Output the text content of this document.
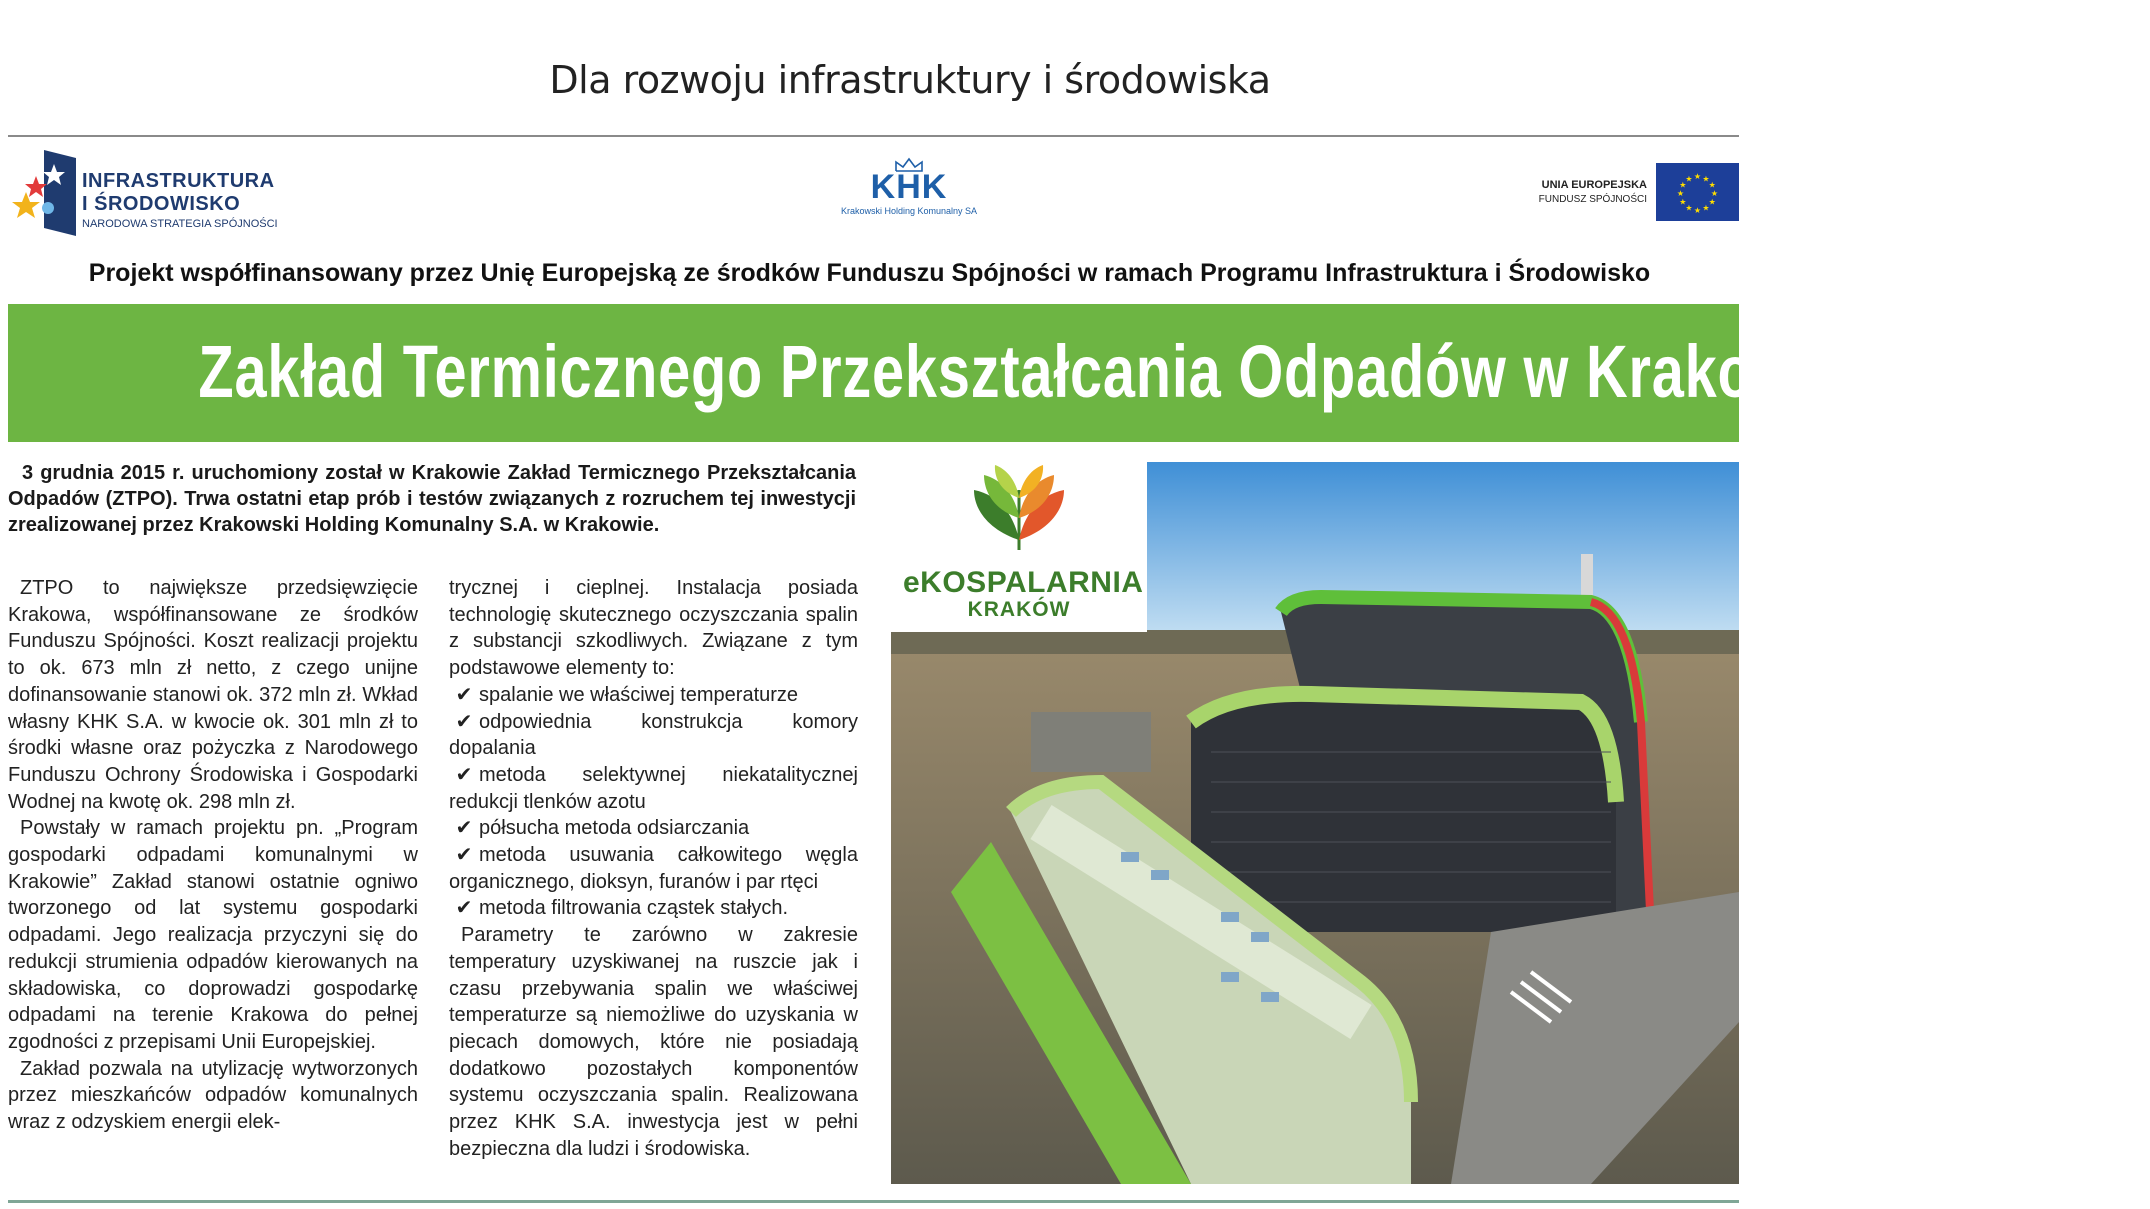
Dla rozwoju infrastruktury i środowiska
INFRASTRUKTURA
I ŚRODOWISKO
NARODOWA STRATEGIA SPÓJNOŚCI
KHK
Krakowski Holding Komunalny SA
UNIA EUROPEJSKA
FUNDUSZ SPÓJNOŚCI
★
★
★
★
★
★
★
★
★ ★ ★
★
Projekt współfinansowany przez Unię Europejską ze środków Funduszu Spójności w ramach Programu Infrastruktura i Środowisko
Zakład Termicznego Przekształcania Odpadów w Krakowie już działa!
3 grudnia 2015 r. uruchomiony został w Krakowie Zakład Termicznego Przekształcania Odpadów (ZTPO). Trwa ostatni etap prób i testów związanych z rozruchem tej inwestycji zrealizowanej przez Krakowski Holding Komunalny S.A. w Krakowie.

ZTPO to największe przedsięwzięcie Krakowa, współfinansowane ze środków Funduszu Spójności. Koszt realizacji projektu to ok. 673 mln zł netto, z czego unijne dofinansowanie stanowi ok. 372 mln zł. Wkład własny KHK S.A. w kwocie ok. 301 mln zł to środki własne oraz pożyczka z Narodowego Funduszu Ochrony Środowiska i Gospodarki Wodnej na kwotę ok. 298 mln zł.

Powstały w ramach projektu pn. „Program gospodarki odpadami komunalnymi w Krakowie” Zakład stanowi ostatnie ogniwo tworzonego od lat systemu gospodarki odpadami. Jego realizacja przyczyni się do redukcji strumienia odpadów kierowanych na składowiska, co doprowadzi gospodarkę odpadami na terenie Krakowa do pełnej zgodności z przepisami Unii Europejskiej.

Zakład pozwala na utylizację wytworzonych przez mieszkańców odpadów komunalnych wraz z odzyskiem energii elek-

trycznej i cieplnej. Instalacja posiada technologię skutecznego oczyszczania spalin z substancji szkodliwych. Związane z tym podstawowe elementy to:

✔ spalanie we właściwej temperaturze
✔ odpowiednia konstrukcja komory dopalania
✔ metoda selektywnej niekatalitycznej redukcji tlenków azotu
✔ półsucha metoda odsiarczania
✔ metoda usuwania całkowitego węgla organicznego, dioksyn, furanów i par rtęci
✔ metoda filtrowania cząstek stałych.

Parametry te zarówno w zakresie temperatury uzyskiwanej na ruszcie jak i czasu przebywania spalin we właściwej temperaturze są niemożliwe do uzyskania w piecach domowych, które nie posiadają dodatkowo pozostałych komponentów systemu oczyszczania spalin. Realizowana przez KHK S.A. inwestycja jest w pełni bezpieczna dla ludzi i środowiska.

eKOSPALARNIA
KRAKÓW
